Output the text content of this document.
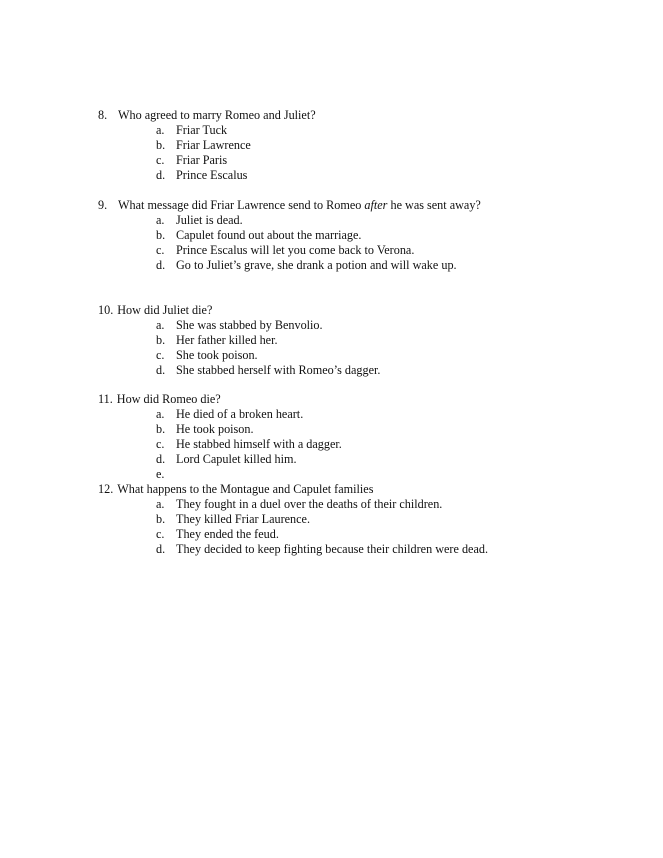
8. Who agreed to marry Romeo and Juliet?
a. Friar Tuck
b. Friar Lawrence
c. Friar Paris
d. Prince Escalus
9. What message did Friar Lawrence send to Romeo after he was sent away?
a. Juliet is dead.
b. Capulet found out about the marriage.
c. Prince Escalus will let you come back to Verona.
d. Go to Juliet’s grave, she drank a potion and will wake up.
10. How did Juliet die?
a. She was stabbed by Benvolio.
b. Her father killed her.
c. She took poison.
d. She stabbed herself with Romeo’s dagger.
11. How did Romeo die?
a. He died of a broken heart.
b. He took poison.
c. He stabbed himself with a dagger.
d. Lord Capulet killed him.
e.
12. What happens to the Montague and Capulet families
a. They fought in a duel over the deaths of their children.
b. They killed Friar Laurence.
c. They ended the feud.
d. They decided to keep fighting because their children were dead.
